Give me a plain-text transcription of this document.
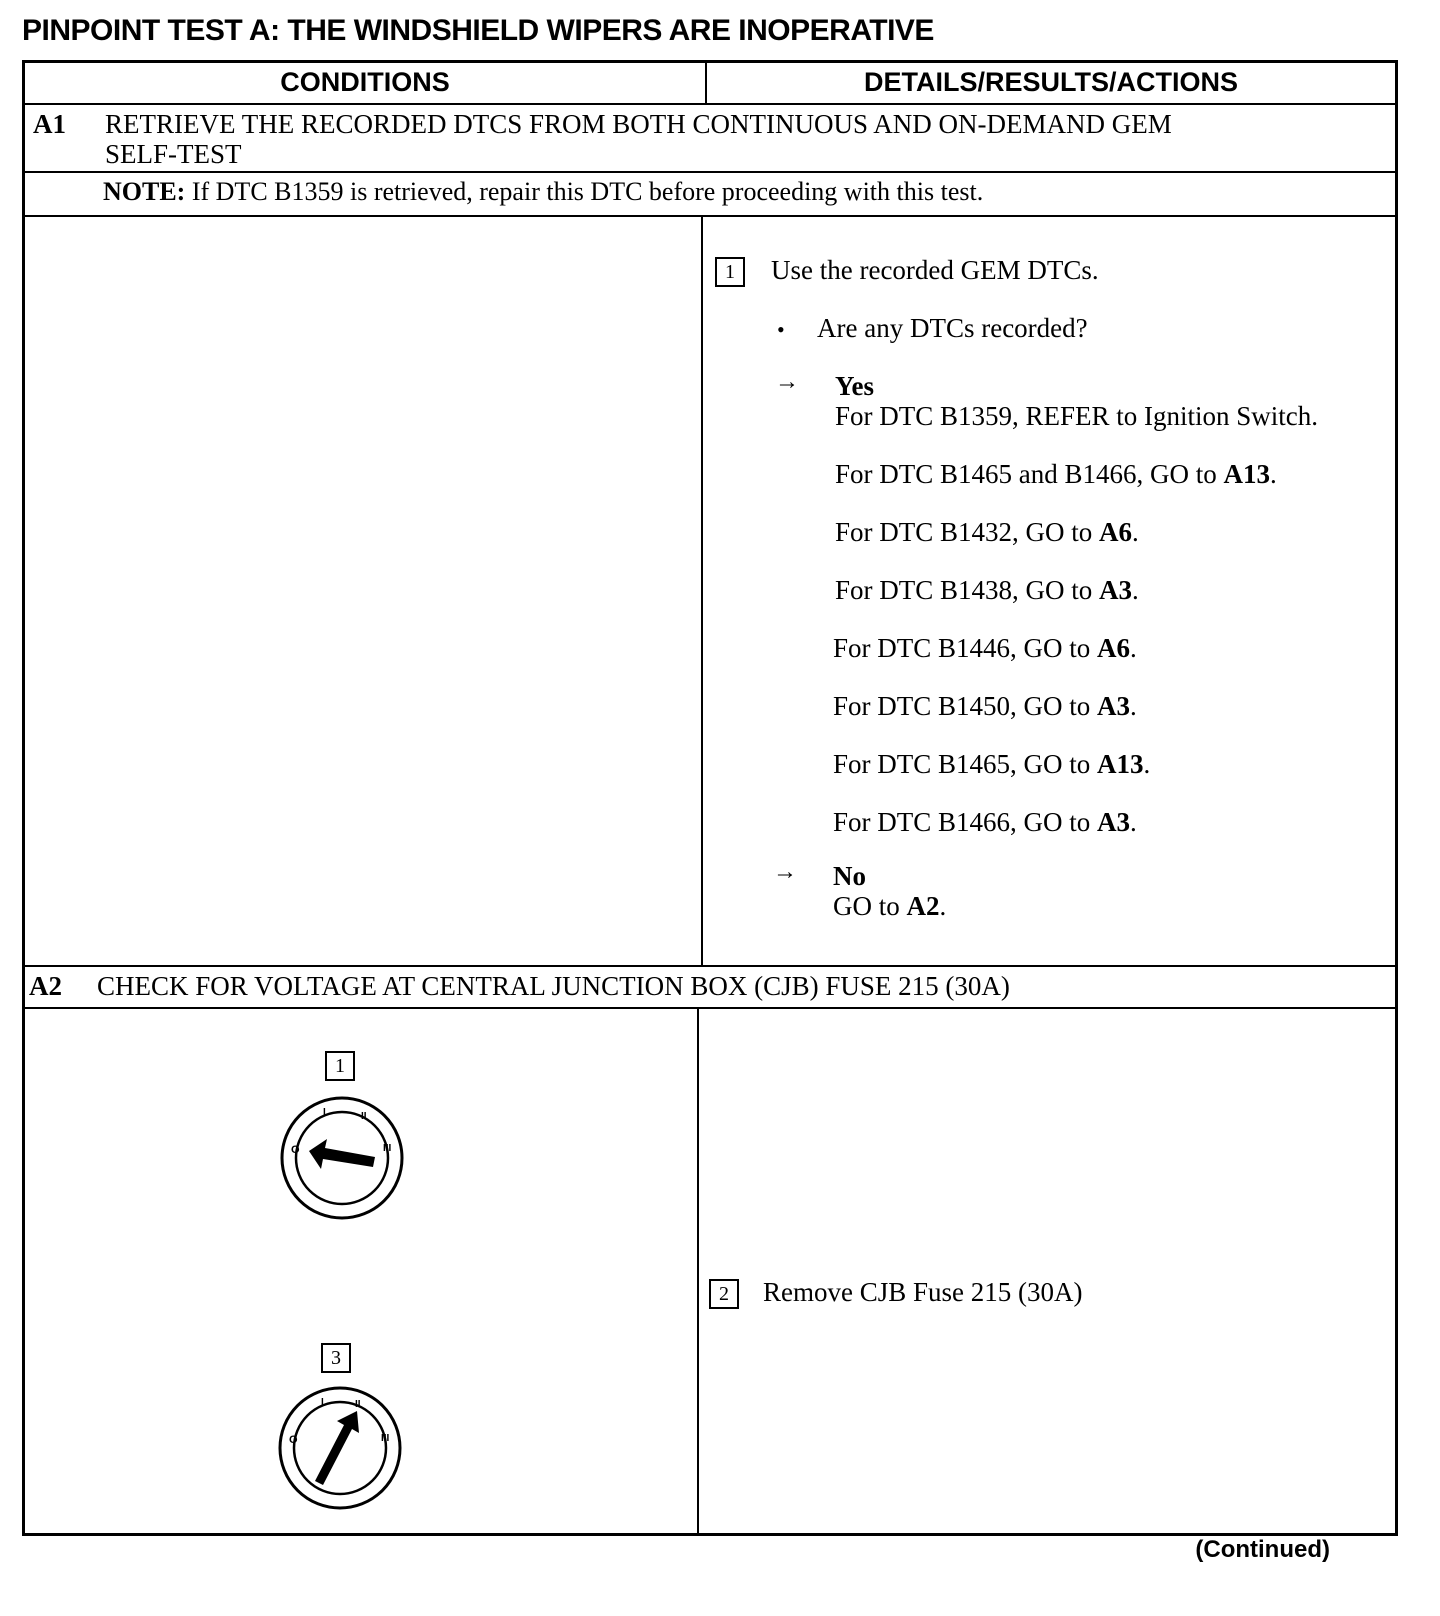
PINPOINT TEST A: THE WINDSHIELD WIPERS ARE INOPERATIVE
CONDITIONS	DETAILS/RESULTS/ACTIONS
A1 RETRIEVE THE RECORDED DTCS FROM BOTH CONTINUOUS AND ON-DEMAND GEM
SELF-TEST
NOTE: If DTC B1359 is retrieved, repair this DTC before proceeding with this test.
1	Use the recorded GEM DTCs.
• Are any DTCs recorded?
→ Yes
For DTC B1359, REFER to Ignition Switch.
For DTC B1465 and B1466, GO to A13.
For DTC B1432, GO to A6.
For DTC B1438, GO to A3.
For DTC B1446, GO to A6.
For DTC B1450, GO to A3.
For DTC B1465, GO to A13.
For DTC B1466, GO to A3.
→ No
GO to A2.
A2 CHECK FOR VOLTAGE AT CENTRAL JUNCTION BOX (CJB) FUSE 215 (30A)
1
O
I	II
III
3
O
I	II
III
2	Remove CJB Fuse 215 (30A)
(Continued)
